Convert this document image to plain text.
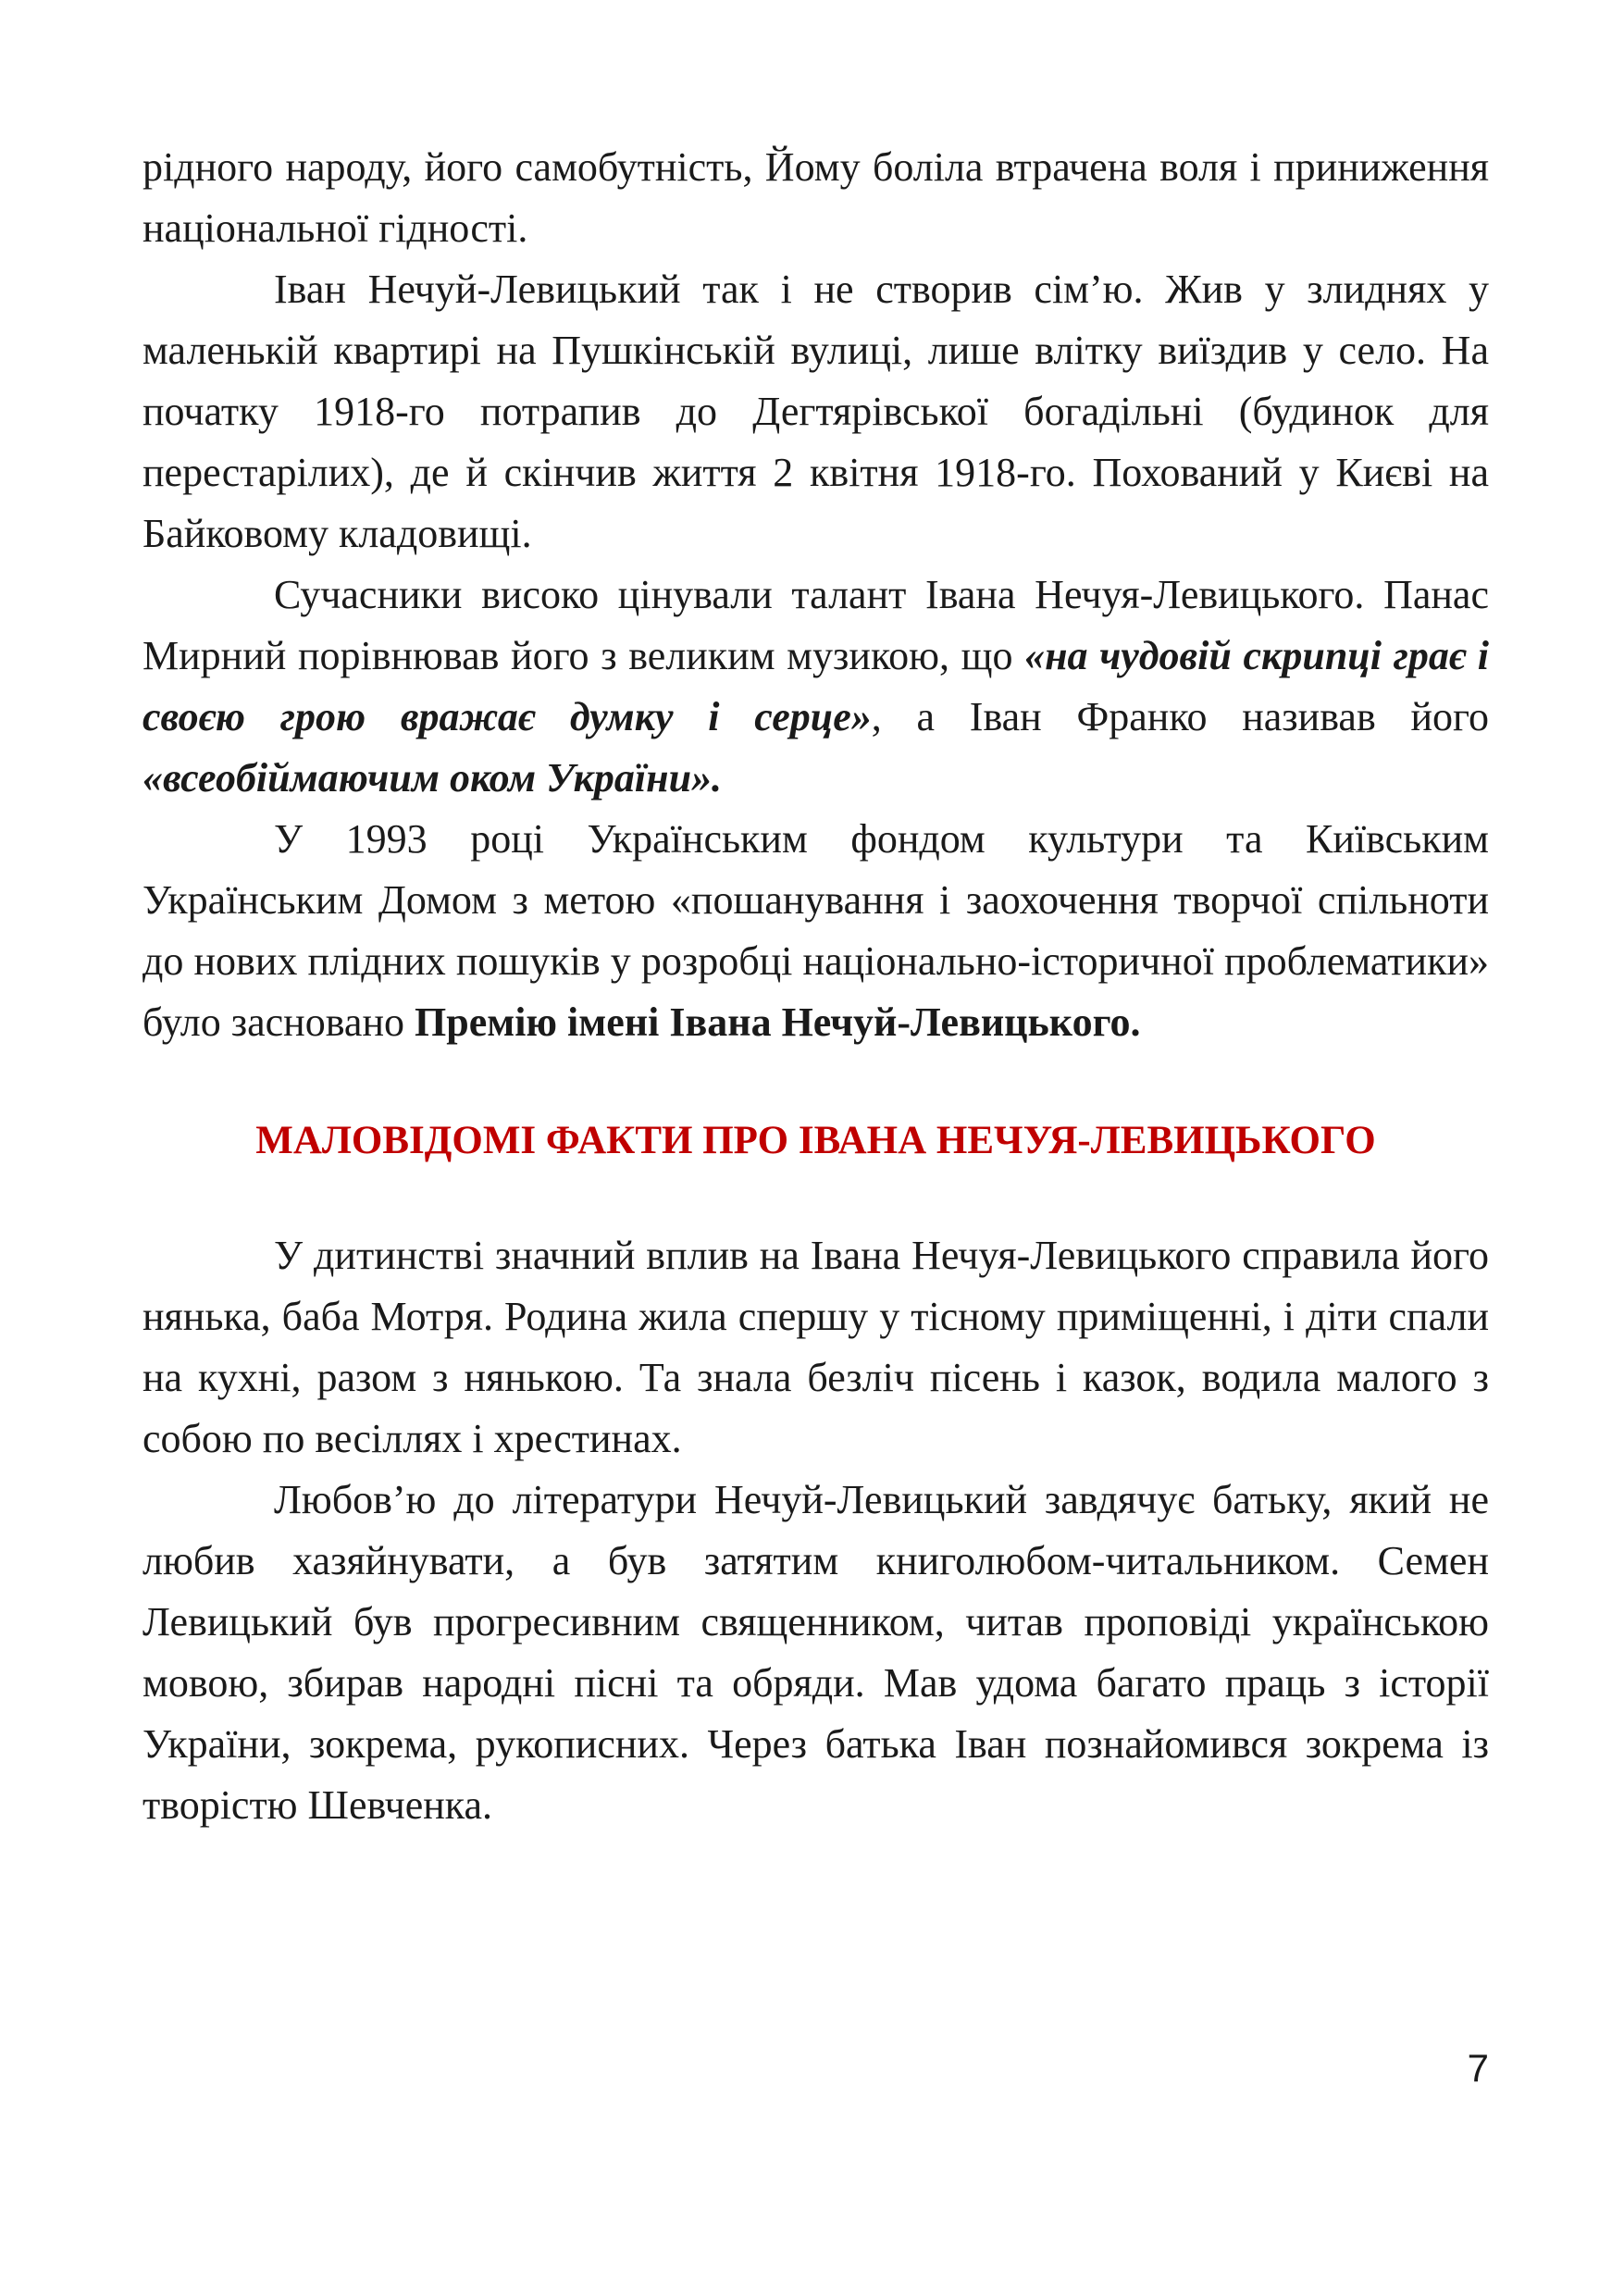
рідного народу, його самобутність, Йому боліла втрачена воля і приниження національної гідності.

Іван Нечуй-Левицький так і не створив сім’ю. Жив у злиднях у маленькій квартирі на Пушкінській вулиці, лише влітку виїздив у село. На початку 1918-го потрапив до Дегтярівської богадільні (будинок для перестарілих), де й скінчив життя 2 квітня 1918-го. Похований у Києві на Байковому кладовищі.

Сучасники високо цінували талант Івана Нечуя-Левицького. Панас Мирний порівнював його з великим музикою, що «на чудовій скрипці грає і своєю грою вражає думку і серце», а Іван Франко називав його «всеобіймаючим оком України».

У 1993 році Українським фондом культури та Київським Українським Домом з метою «пошанування і заохочення творчої спільноти до нових плідних пошуків у розробці національно-історичної проблематики» було засновано Премію імені Івана Нечуй-Левицького.

МАЛОВІДОМІ ФАКТИ ПРО ІВАНА НЕЧУЯ-ЛЕВИЦЬКОГО

У дитинстві значний вплив на Івана Нечуя-Левицького справила його нянька, баба Мотря. Родина жила спершу у тісному приміщенні, і діти спали на кухні, разом з нянькою. Та знала безліч пісень і казок, водила малого з собою по весіллях і хрестинах.

Любов’ю до літератури Нечуй-Левицький завдячує батьку, який не любив хазяйнувати, а був затятим книголюбом-читальником. Семен Левицький був прогресивним священником, читав проповіді українською мовою, збирав народні пісні та обряди. Мав удома багато праць з історії України, зокрема, рукописних. Через батька Іван познайомився зокрема із творістю Шевченка.

7
